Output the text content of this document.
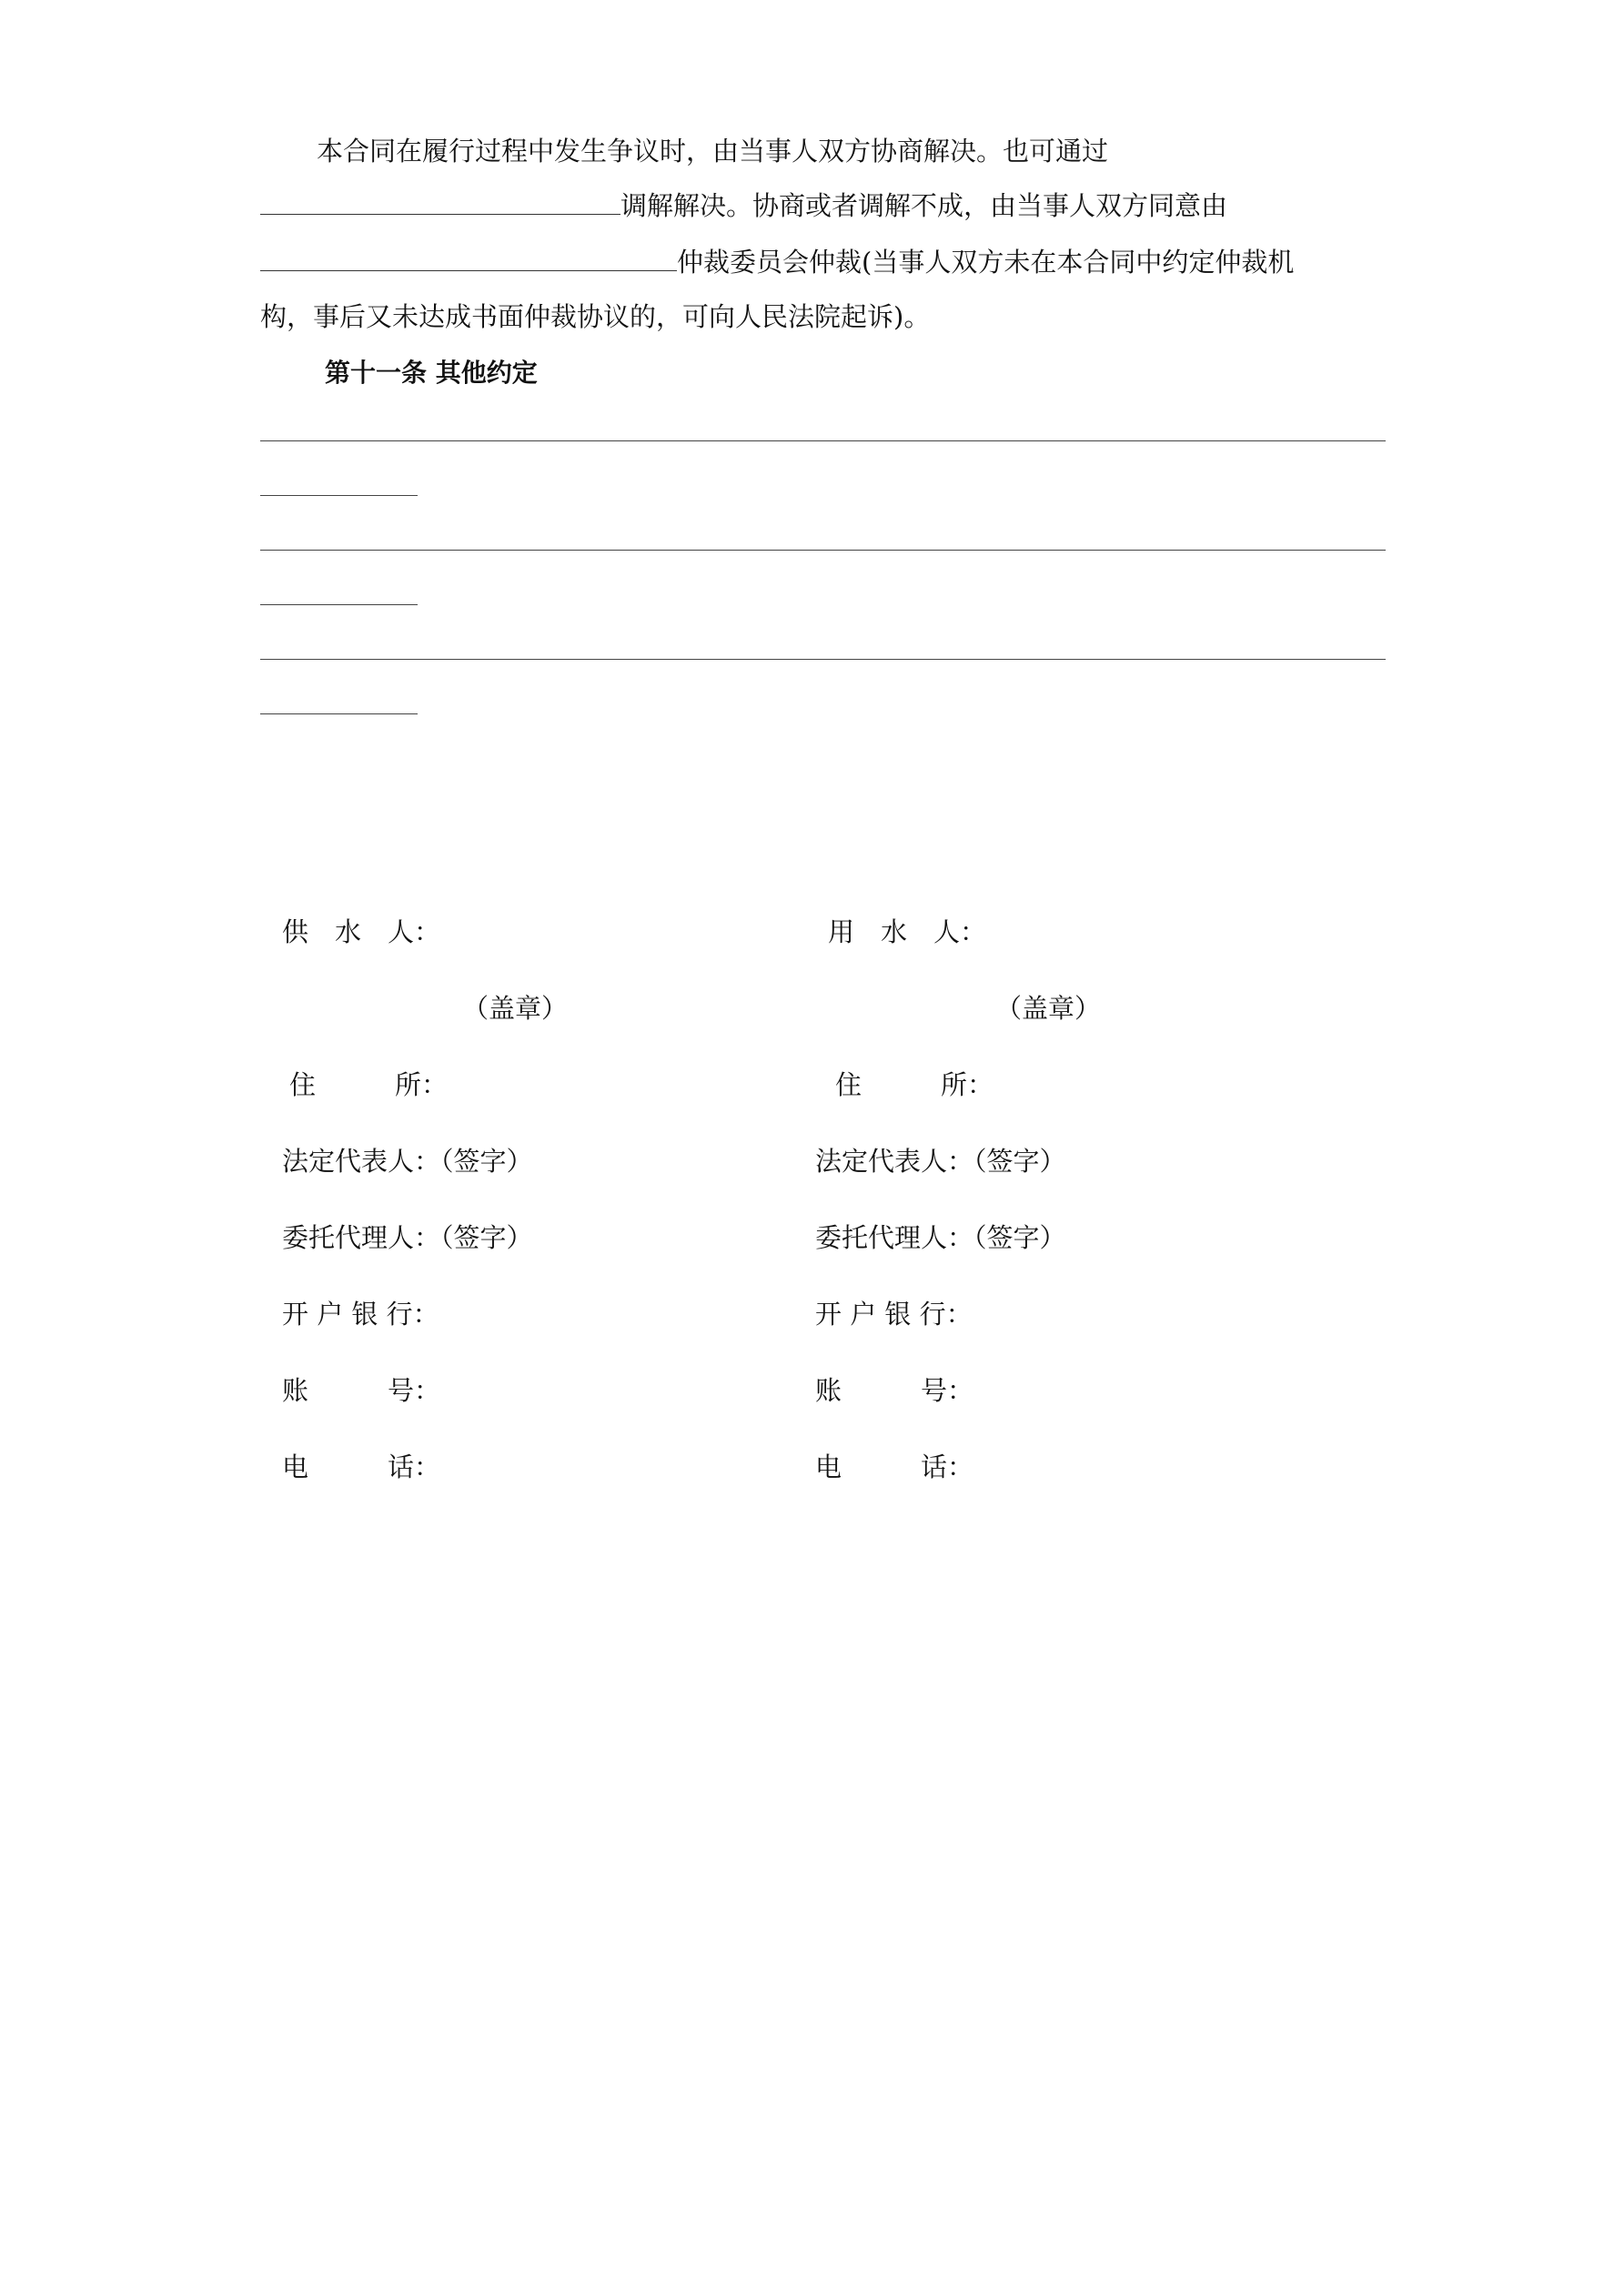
本合同在履行过程中发生争议时，由当事人双方协商解决。也可通过
调解解决。协商或者调解不成，由当事人双方同意由
仲裁委员会仲裁(当事人双方未在本合同中约定仲裁机
构，事后又未达成书面仲裁协议的，可向人民法院起诉)。
第十一条 其他约定
供　水　人：
（盖章）
住　　　所：
法定代表人：（签字）
委托代理人：（签字）
开 户 银 行：
账　　　号：
电　　　话：
用　水　人：
（盖章）
住　　　所：
法定代表人：（签字）
委托代理人：（签字）
开 户 银 行：
账　　　号：
电　　　话：
